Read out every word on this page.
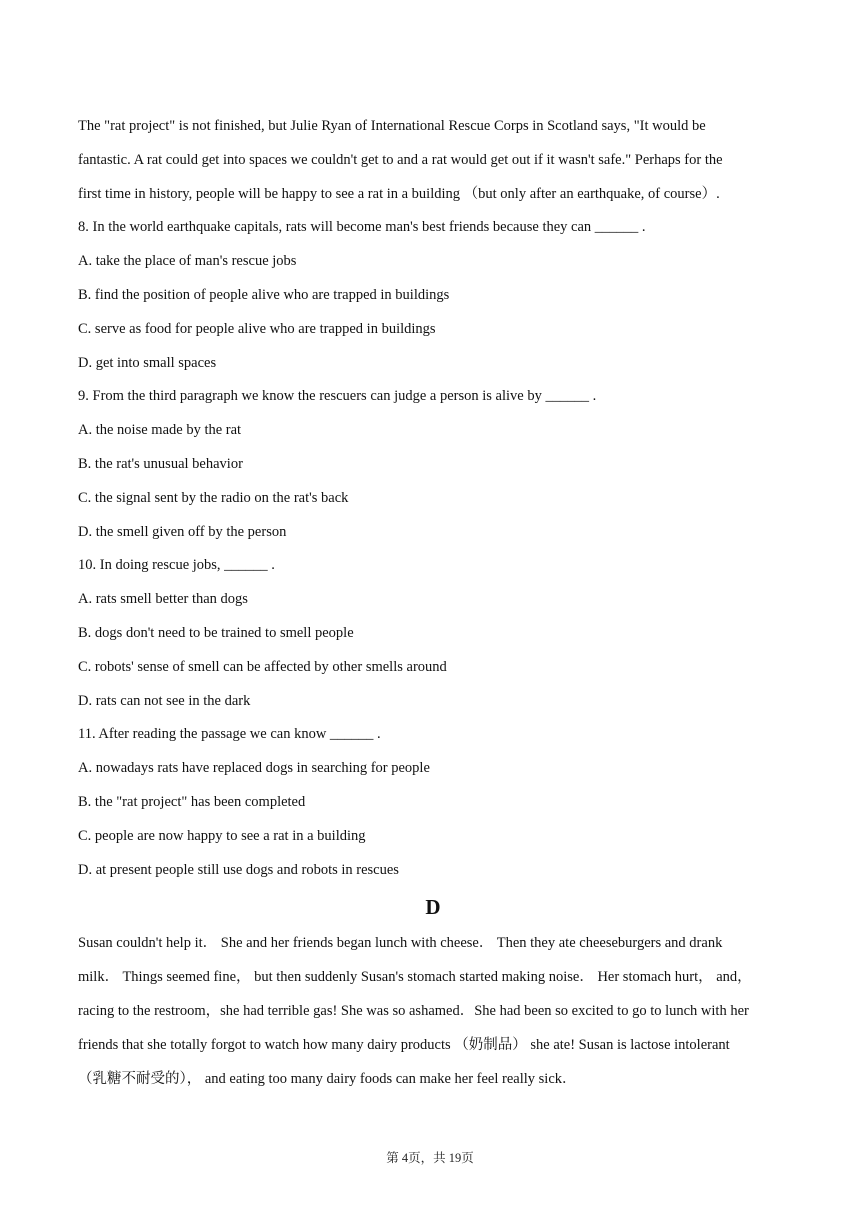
The "rat project" is not finished, but Julie Ryan of International Rescue Corps in Scotland says, "It would be

fantastic. A rat could get into spaces we couldn't get to and a rat would get out if it wasn't safe." Perhaps for the

first time in history, people will be happy to see a rat in a building （but only after an earthquake, of course）.

8. In the world earthquake capitals, rats will become man's best friends because they can ______ .

A. take the place of man's rescue jobs

B. find the position of people alive who are trapped in buildings

C. serve as food for people alive who are trapped in buildings

D. get into small spaces

9. From the third paragraph we know the rescuers can judge a person is alive by ______ .

A. the noise made by the rat

B. the rat's unusual behavior

C. the signal sent by the radio on the rat's back

D. the smell given off by the person

10. In doing rescue jobs, ______ .

A. rats smell better than dogs

B. dogs don't need to be trained to smell people

C. robots' sense of smell can be affected by other smells around

D. rats can not see in the dark

11. After reading the passage we can know ______ .

A. nowadays rats have replaced dogs in searching for people

B. the "rat project" has been completed

C. people are now happy to see a rat in a building

D. at present people still use dogs and robots in rescues

D

Susan couldn't help it． She and her friends began lunch with cheese． Then they ate cheeseburgers and drank

milk． Things seemed fine， but then suddenly Susan's stomach started making noise． Her stomach hurt， and，

racing to the restroom，she had terrible gas! She was so ashamed．She had been so excited to go to lunch with her

friends that she totally forgot to watch how many dairy products （奶制品） she ate! Susan is lactose intolerant

（乳糖不耐受的）， and eating too many dairy foods can make her feel really sick．

第 4页，共 19页
